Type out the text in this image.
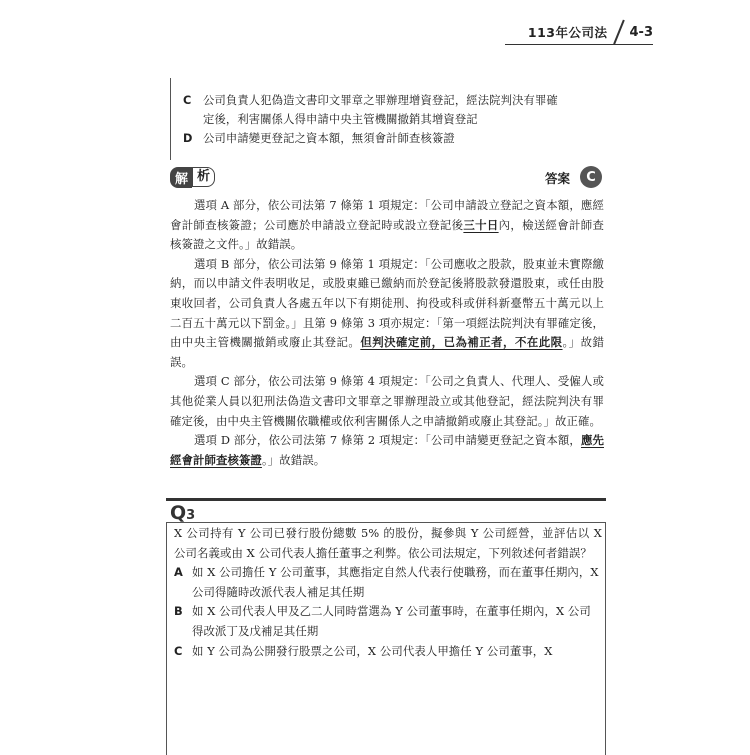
113年公司法 4-3
C 公司負責人犯偽造文書印文罪章之罪辦理增資登記，經法院判決有罪確
定後，利害關係人得申請中央主管機關撤銷其增資登記
D 公司申請變更登記之資本額，無須會計師查核簽證
解 析	答案	C

選項 A 部分，依公司法第 7 條第 1 項規定：「公司申請設立登記之資本額，應經會計師查核簽證；公司應於申請設立登記時或設立登記後三十日內，檢送經會計師查核簽證之文件。」故錯誤。

選項 B 部分，依公司法第 9 條第 1 項規定：「公司應收之股款，股東並未實際繳納，而以申請文件表明收足，或股東雖已繳納而於登記後將股款發還股東，或任由股東收回者，公司負責人各處五年以下有期徒刑、拘役或科或併科新臺幣五十萬元以上二百五十萬元以下罰金。」且第 9 條第 3 項亦規定：「第一項經法院判決有罪確定後，由中央主管機關撤銷或廢止其登記。但判決確定前，已為補正者，不在此限。」故錯誤。

選項 C 部分，依公司法第 9 條第 4 項規定：「公司之負責人、代理人、受僱人或其他從業人員以犯刑法偽造文書印文罪章之罪辦理設立或其他登記，經法院判決有罪確定後，由中央主管機關依職權或依利害關係人之申請撤銷或廢止其登記。」故正確。

選項 D 部分，依公司法第 7 條第 2 項規定：「公司申請變更登記之資本額，應先經會計師查核簽證。」故錯誤。

Q3
X 公司持有 Y 公司已發行股份總數 5% 的股份，擬參與 Y 公司經營，並評估以 X 公司名義或由 X 公司代表人擔任董事之利弊。依公司法規定，下列敘述何者錯誤？
A 如 X 公司擔任 Y 公司董事，其應指定自然人代表行使職務，而在董事任期內，X 公司得隨時改派代表人補足其任期
B 如 X 公司代表人甲及乙二人同時當選為 Y 公司董事時，在董事任期內，X 公司得改派丁及戊補足其任期
C 如 Y 公司為公開發行股票之公司，X 公司代表人甲擔任 Y 公司董事，X
